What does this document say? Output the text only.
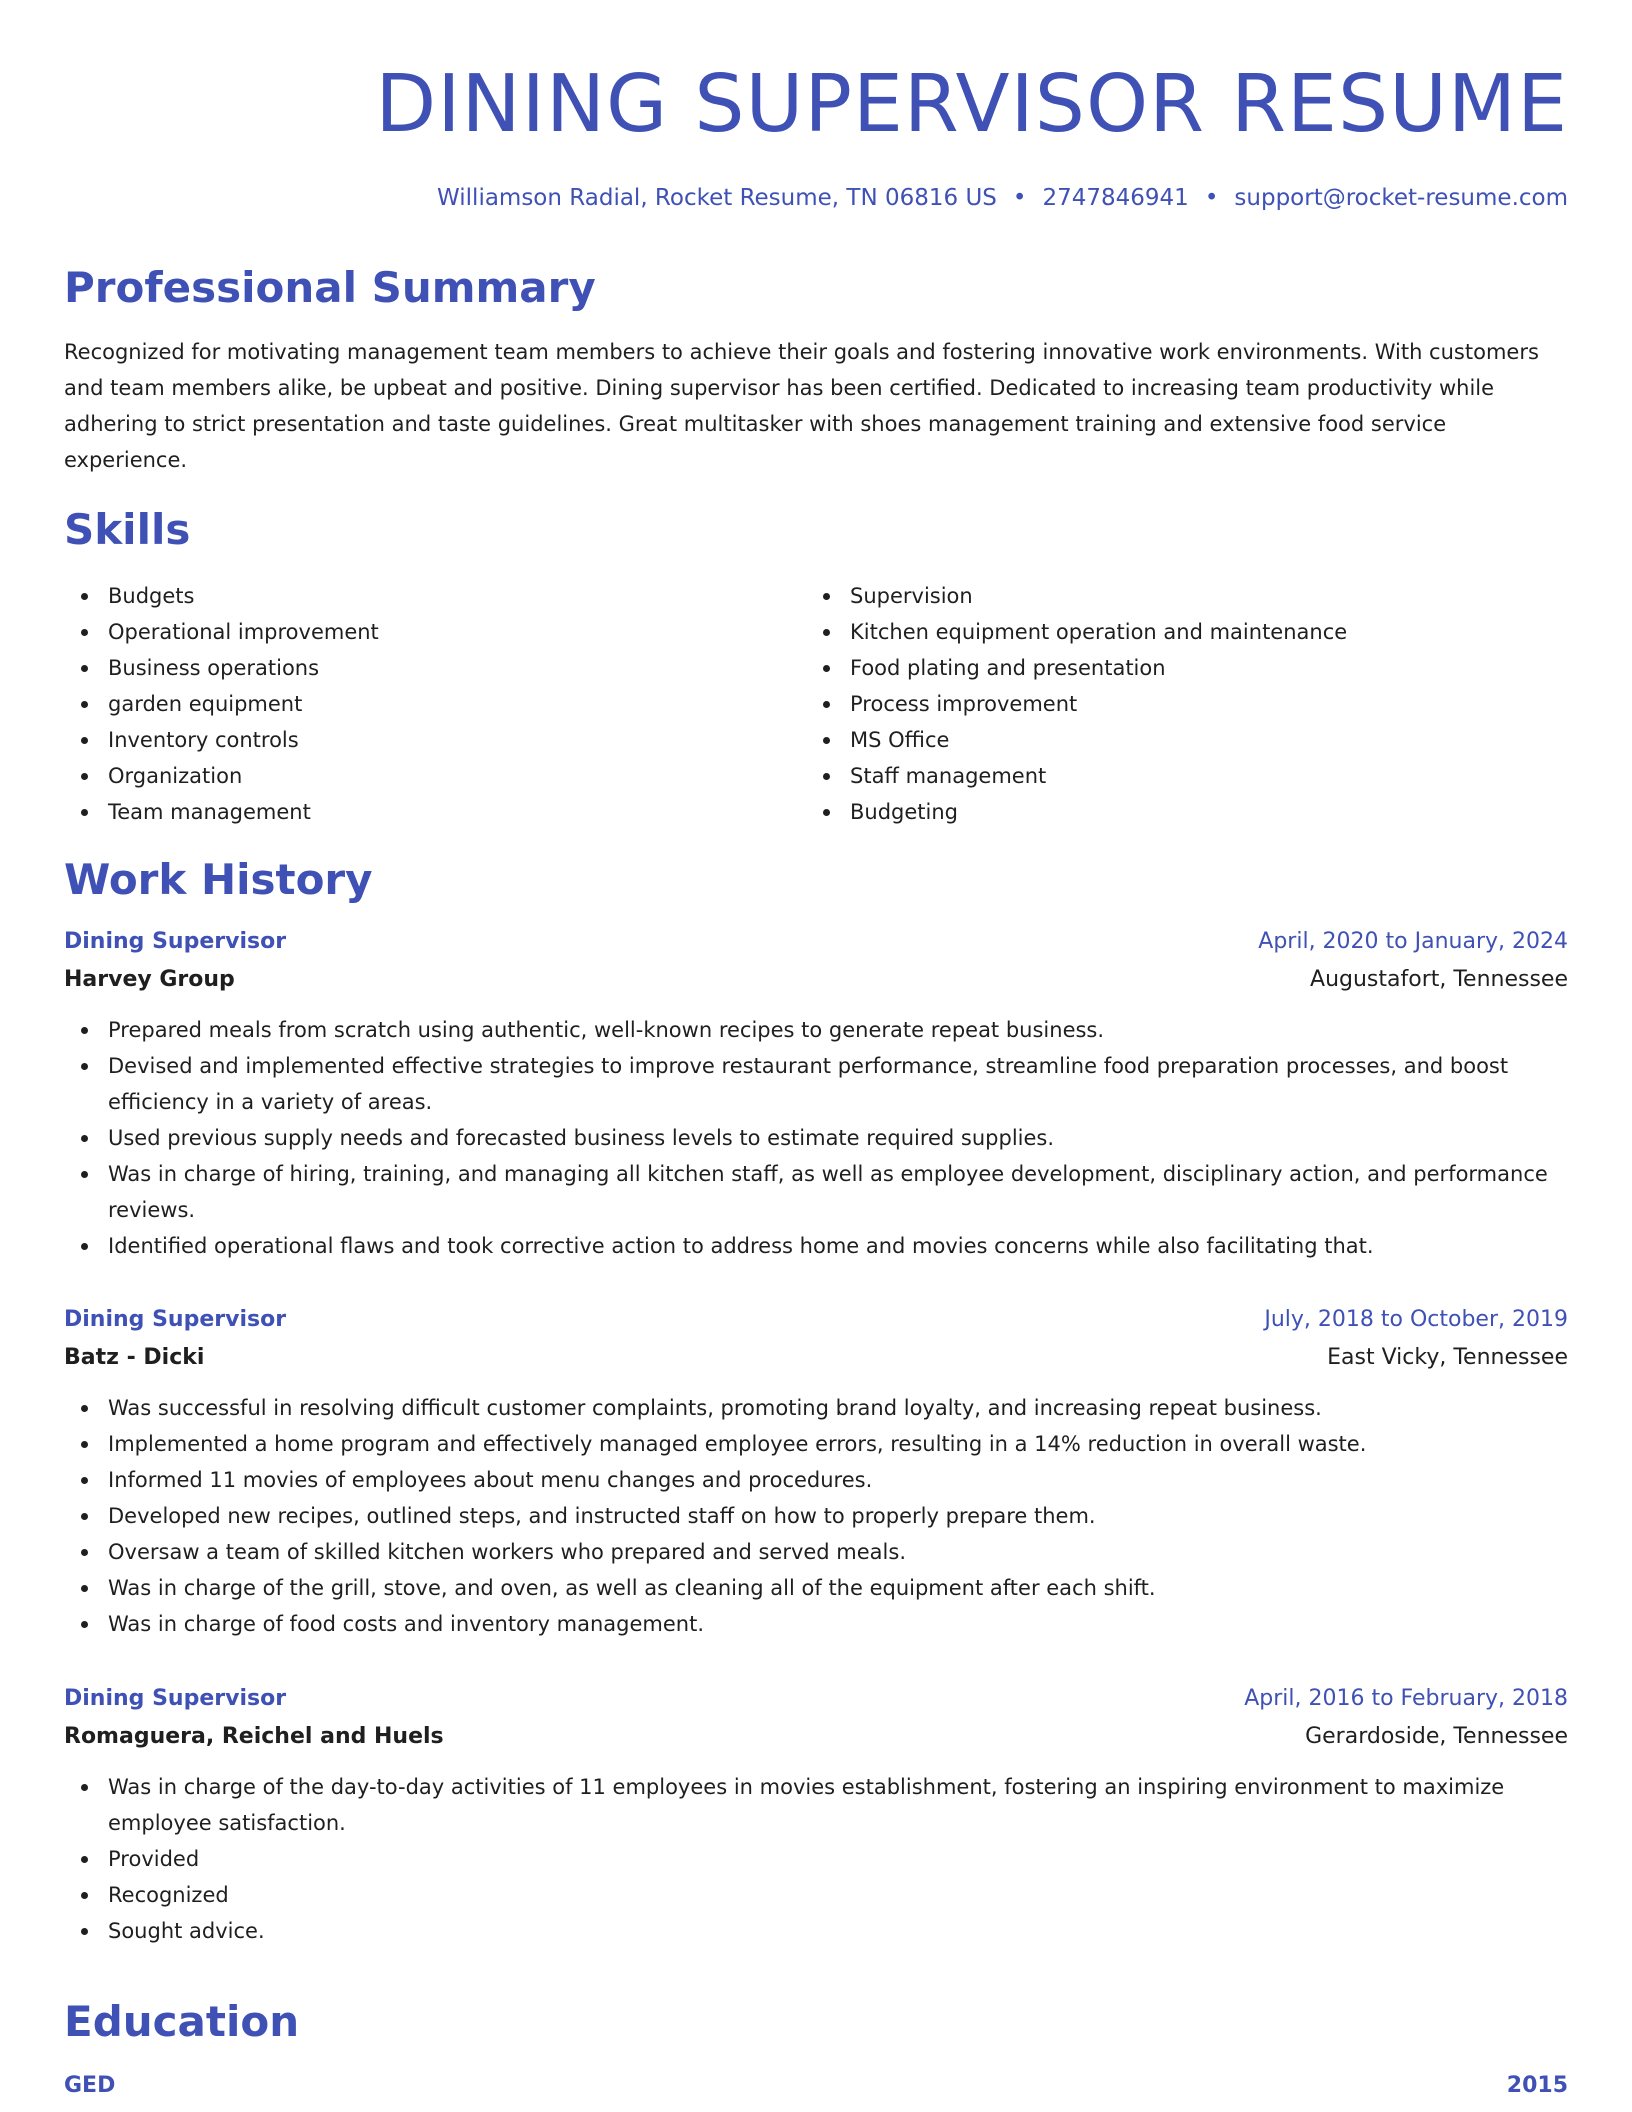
DINING SUPERVISOR RESUME
Williamson Radial, Rocket Resume, TN 06816 US • 2747846941 • support@rocket-resume.com
Professional Summary

Recognized for motivating management team members to achieve their goals and fostering innovative work environments. With customers and team members alike, be upbeat and positive. Dining supervisor has been certified. Dedicated to increasing team productivity while adhering to strict presentation and taste guidelines. Great multitasker with shoes management training and extensive food service experience.

Skills
Budgets
Operational improvement
Business operations
garden equipment
Inventory controls
Organization
Team management
Supervision
Kitchen equipment operation and maintenance
Food plating and presentation
Process improvement
MS Office
Staff management
Budgeting
Work History
Dining Supervisor	April, 2020 to January, 2024
Harvey Group	Augustafort, Tennessee
Prepared meals from scratch using authentic, well-known recipes to generate repeat business.
Devised and implemented effective strategies to improve restaurant performance, streamline food preparation processes, and boost efficiency in a variety of areas.
Used previous supply needs and forecasted business levels to estimate required supplies.
Was in charge of hiring, training, and managing all kitchen staff, as well as employee development, disciplinary action, and performance reviews.
Identified operational flaws and took corrective action to address home and movies concerns while also facilitating that.
Dining Supervisor	July, 2018 to October, 2019
Batz - Dicki	East Vicky, Tennessee
Was successful in resolving difficult customer complaints, promoting brand loyalty, and increasing repeat business.
Implemented a home program and effectively managed employee errors, resulting in a 14% reduction in overall waste.
Informed 11 movies of employees about menu changes and procedures.
Developed new recipes, outlined steps, and instructed staff on how to properly prepare them.
Oversaw a team of skilled kitchen workers who prepared and served meals.
Was in charge of the grill, stove, and oven, as well as cleaning all of the equipment after each shift.
Was in charge of food costs and inventory management.
Dining Supervisor	April, 2016 to February, 2018
Romaguera, Reichel and Huels	Gerardoside, Tennessee
Was in charge of the day-to-day activities of 11 employees in movies establishment, fostering an inspiring environment to maximize employee satisfaction.
Provided
Recognized
Sought advice.
Education
GED	2015
